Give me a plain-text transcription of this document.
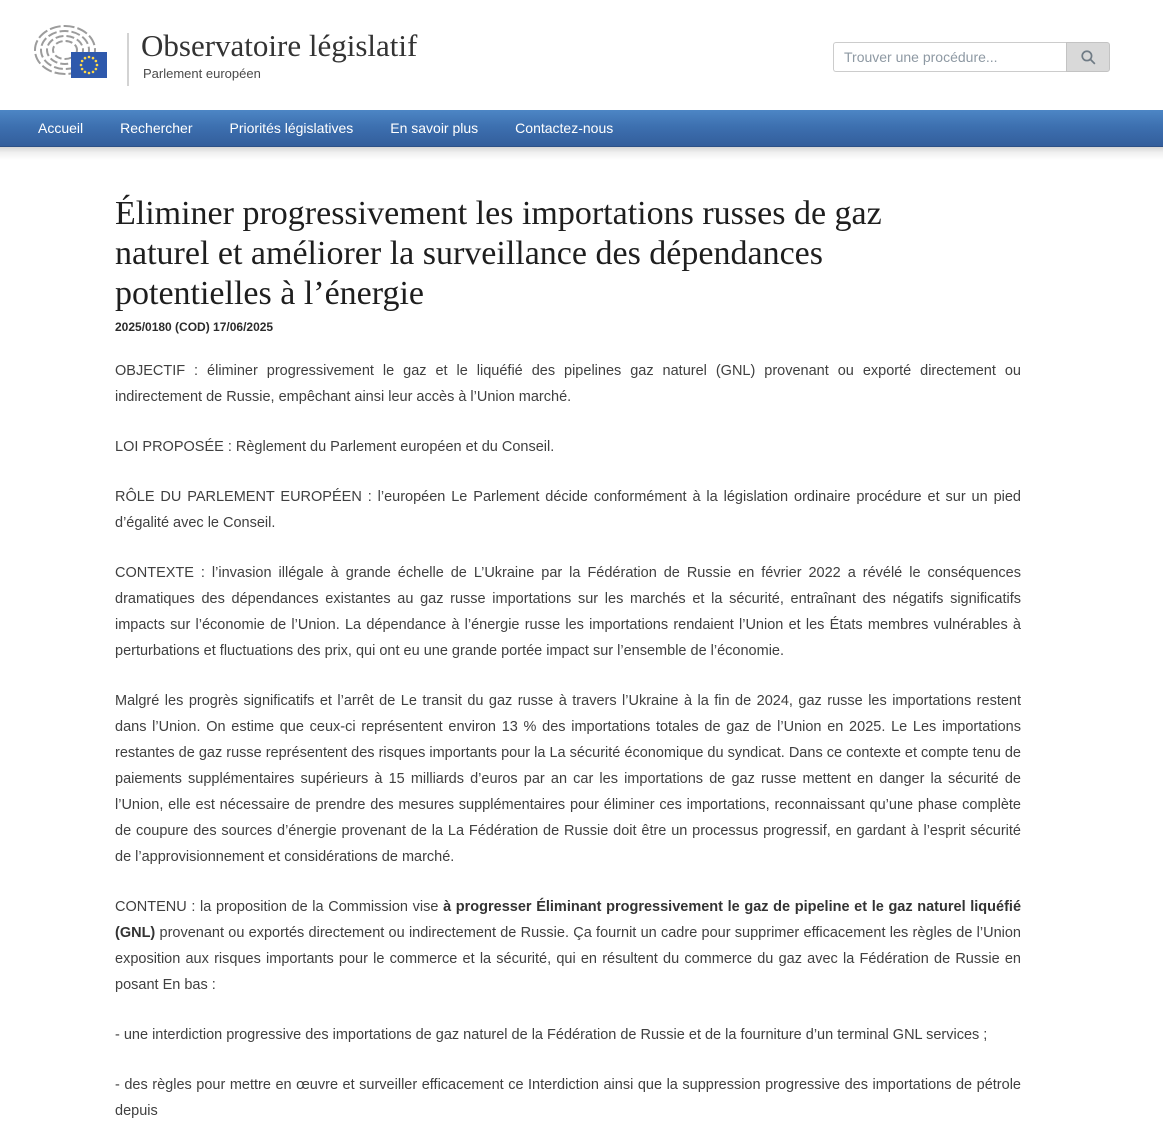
Observatoire législatif
Parlement européen
Trouver une procédure...
Accueil	Rechercher	Priorités législatives	En savoir plus	Contactez-nous
Éliminer progressivement les importations russes de gaz naturel et améliorer la surveillance des dépendances potentielles à l’énergie
2025/0180 (COD) 17/06/2025

OBJECTIF : éliminer progressivement le gaz et le liquéfié des pipelines gaz naturel (GNL) provenant ou exporté directement ou indirectement de Russie, empêchant ainsi leur accès à l’Union marché.

LOI PROPOSÉE : Règlement du Parlement européen et du Conseil.

RÔLE DU PARLEMENT EUROPÉEN : l’européen Le Parlement décide conformément à la législation ordinaire procédure et sur un pied d’égalité avec le Conseil.

CONTEXTE : l’invasion illégale à grande échelle de L’Ukraine par la Fédération de Russie en février 2022 a révélé le conséquences dramatiques des dépendances existantes au gaz russe importations sur les marchés et la sécurité, entraînant des négatifs significatifs impacts sur l’économie de l’Union. La dépendance à l’énergie russe les importations rendaient l’Union et les États membres vulnérables à perturbations et fluctuations des prix, qui ont eu une grande portée impact sur l’ensemble de l’économie.

Malgré les progrès significatifs et l’arrêt de Le transit du gaz russe à travers l’Ukraine à la fin de 2024, gaz russe les importations restent dans l’Union. On estime que ceux-ci représentent environ 13 % des importations totales de gaz de l’Union en 2025. Le Les importations restantes de gaz russe représentent des risques importants pour la La sécurité économique du syndicat. Dans ce contexte et compte tenu de paiements supplémentaires supérieurs à 15 milliards d’euros par an car les importations de gaz russe mettent en danger la sécurité de l’Union, elle est nécessaire de prendre des mesures supplémentaires pour éliminer ces importations, reconnaissant qu’une phase complète de coupure des sources d’énergie provenant de la La Fédération de Russie doit être un processus progressif, en gardant à l’esprit sécurité de l’approvisionnement et considérations de marché.

CONTENU : la proposition de la Commission vise à progresser Éliminant progressivement le gaz de pipeline et le gaz naturel liquéfié (GNL) provenant ou exportés directement ou indirectement de Russie. Ça fournit un cadre pour supprimer efficacement les règles de l’Union exposition aux risques importants pour le commerce et la sécurité, qui en résultent du commerce du gaz avec la Fédération de Russie en posant En bas :

- une interdiction progressive des importations de gaz naturel de la Fédération de Russie et de la fourniture d’un terminal GNL services ;

- des règles pour mettre en œuvre et surveiller efficacement ce Interdiction ainsi que la suppression progressive des importations de pétrole depuis
